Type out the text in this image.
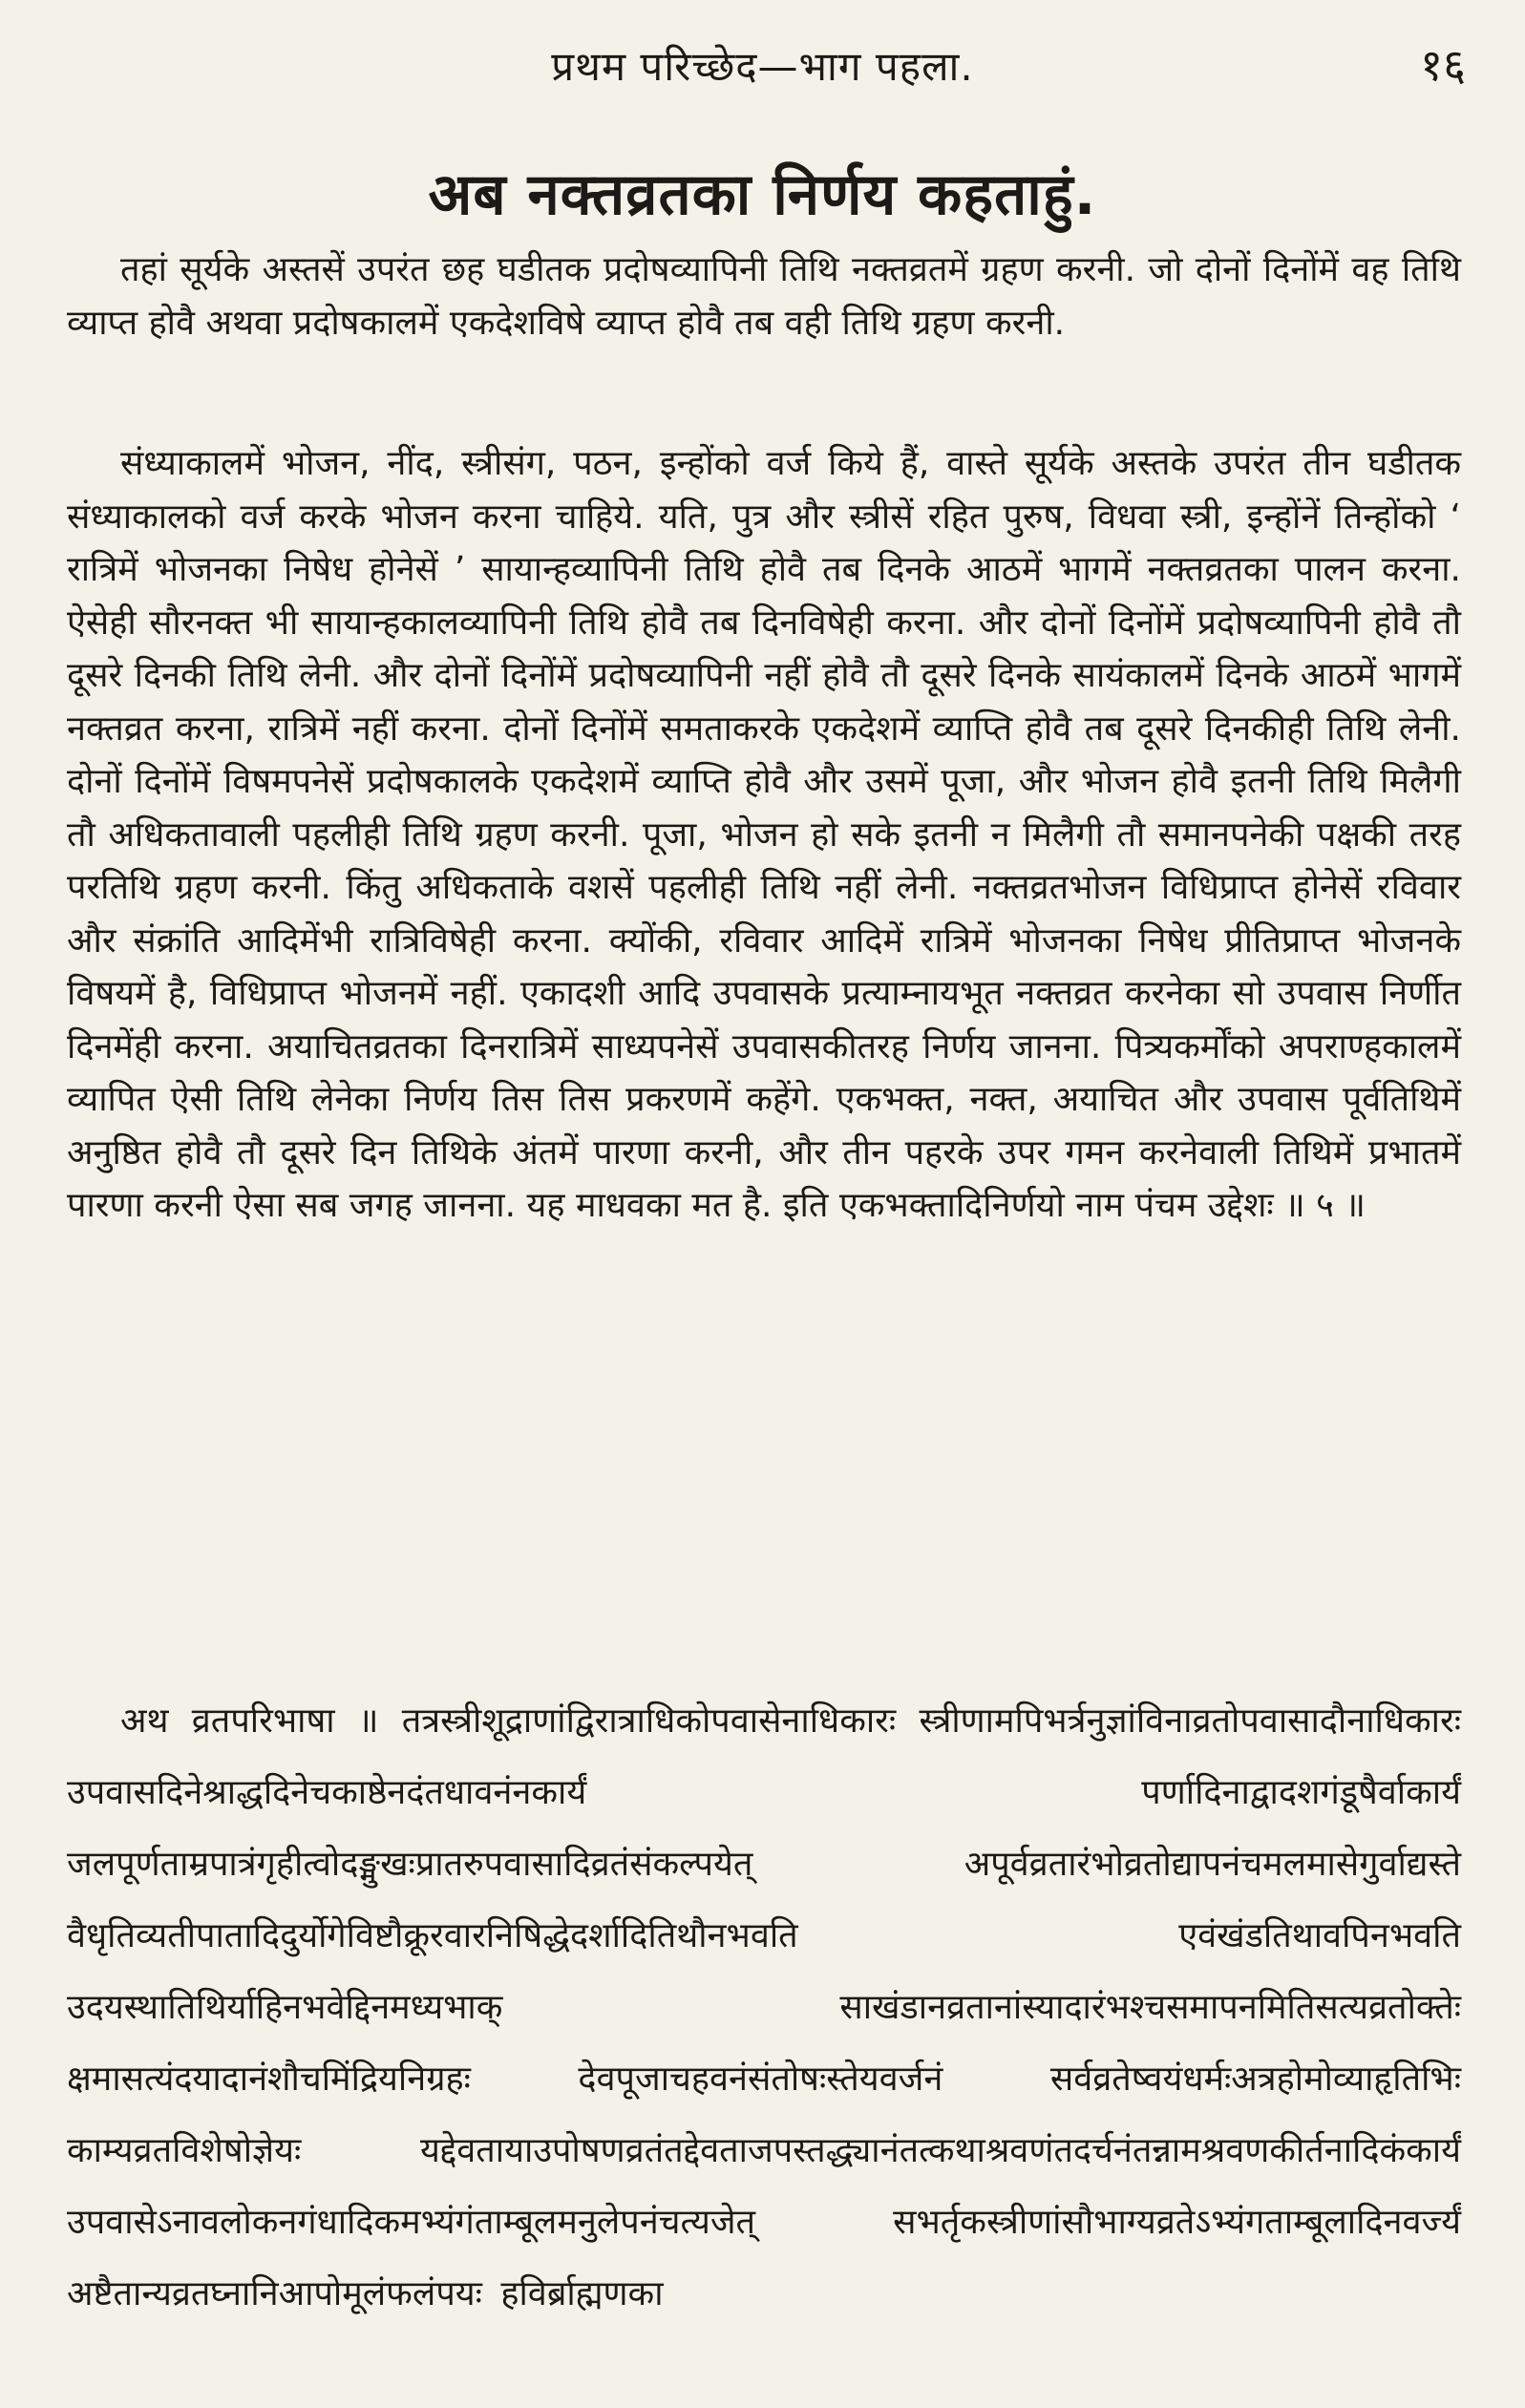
प्रथम परिच्छेद—भाग पहला.	१६
अब नक्तव्रतका निर्णय कहताहुं.

तहां सूर्यके अस्तसें उपरंत छह घडीतक प्रदोषव्यापिनी तिथि नक्तव्रतमें ग्रहण करनी. जो दोनों दिनोंमें वह तिथि व्याप्त होवै अथवा प्रदोषकालमें एकदेशविषे व्याप्त होवै तब वही तिथि ग्रहण करनी.

संध्याकालमें भोजन, नींद, स्त्रीसंग, पठन, इन्होंको वर्ज किये हैं, वास्ते सूर्यके अस्तके उपरंत तीन घडीतक संध्याकालको वर्ज करके भोजन करना चाहिये. यति, पुत्र और स्त्रीसें रहित पुरुष, विधवा स्त्री, इन्होंनें तिन्होंको ‘ रात्रिमें भोजनका निषेध होनेसें ’ सायान्हव्यापिनी तिथि होवै तब दिनके आठमें भागमें नक्तव्रतका पालन करना. ऐसेही सौरनक्त भी सायान्हकालव्यापिनी तिथि होवै तब दिनविषेही करना. और दोनों दिनोंमें प्रदोषव्यापिनी होवै तौ दूसरे दिनकी तिथि लेनी. और दोनों दिनोंमें प्रदोषव्यापिनी नहीं होवै तौ दूसरे दिनके सायंकालमें दिनके आठमें भागमें नक्तव्रत करना, रात्रिमें नहीं करना. दोनों दिनोंमें समताकरके एकदेशमें व्याप्ति होवै तब दूसरे दिनकीही तिथि लेनी. दोनों दिनोंमें विषमपनेसें प्रदोषकालके एकदेशमें व्याप्ति होवै और उसमें पूजा, और भोजन होवै इतनी तिथि मिलैगी तौ अधिकतावाली पहलीही तिथि ग्रहण करनी. पूजा, भोजन हो सके इतनी न मिलैगी तौ समानपनेकी पक्षकी तरह परतिथि ग्रहण करनी. किंतु अधिकताके वशसें पहलीही तिथि नहीं लेनी. नक्तव्रतभोजन विधिप्राप्त होनेसें रविवार और संक्रांति आदिमेंभी रात्रिविषेही करना. क्योंकी, रविवार आदिमें रात्रिमें भोजनका निषेध प्रीतिप्राप्त भोजनके विषयमें है, विधिप्राप्त भोजनमें नहीं. एकादशी आदि उपवासके प्रत्याम्नायभूत नक्तव्रत करनेका सो उपवास निर्णीत दिनमेंही करना. अयाचितव्रतका दिनरात्रिमें साध्यपनेसें उपवासकीतरह निर्णय जानना. पित्र्यकर्मोंको अपराण्हकालमें व्यापित ऐसी तिथि लेनेका निर्णय तिस तिस प्रकरणमें कहेंगे. एकभक्त, नक्त, अयाचित और उपवास पूर्वतिथिमें अनुष्ठित होवै तौ दूसरे दिन तिथिके अंतमें पारणा करनी, और तीन पहरके उपर गमन करनेवाली तिथिमें प्रभातमें पारणा करनी ऐसा सब जगह जानना. यह माधवका मत है. इति एकभक्तादिनिर्णयो नाम पंचम उद्देशः ॥ ५ ॥

अथ व्रतपरिभाषा ॥ तत्रस्त्रीशूद्राणांद्विरात्राधिकोपवासेनाधिकारः स्त्रीणामपिभर्त्रनुज्ञांविनाव्रतोपवासादौनाधिकारः उपवासदिनेश्राद्धदिनेचकाष्ठेनदंतधावनंनकार्यं पर्णादिनाद्वादशगंडूषैर्वाकार्यं जलपूर्णताम्रपात्रंगृहीत्वोदङ्मुखःप्रातरुपवासादिव्रतंसंकल्पयेत् अपूर्वव्रतारंभोव्रतोद्यापनंचमलमासेगुर्वाद्यस्ते वैधृतिव्यतीपातादिदुर्योगेविष्टौक्रूरवारनिषिद्धेदर्शादितिथौनभवति एवंखंडतिथावपिनभवति उदयस्थातिथिर्याहिनभवेद्दिनमध्यभाक् साखंडानव्रतानांस्यादारंभश्चसमापनमितिसत्यव्रतोक्तेः क्षमासत्यंदयादानंशौचमिंद्रियनिग्रहः देवपूजाचहवनंसंतोषःस्तेयवर्जनं सर्वव्रतेष्वयंधर्मःअत्रहोमोव्याहृतिभिः काम्यव्रतविशेषोज्ञेयः यद्देवतायाउपोषणव्रतंतद्देवताजपस्तद्ध्यानंतत्कथाश्रवणंतदर्चनंतन्नामश्रवणकीर्तनादिकंकार्यं उपवासेऽनावलोकनगंधादिकमभ्यंगंताम्बूलमनुलेपनंचत्यजेत् सभर्तृकस्त्रीणांसौभाग्यव्रतेऽभ्यंगताम्बूलादिनवर्ज्यं अष्टैतान्यव्रतघ्नानिआपोमूलंफलंपयः हविर्ब्राह्मणका
